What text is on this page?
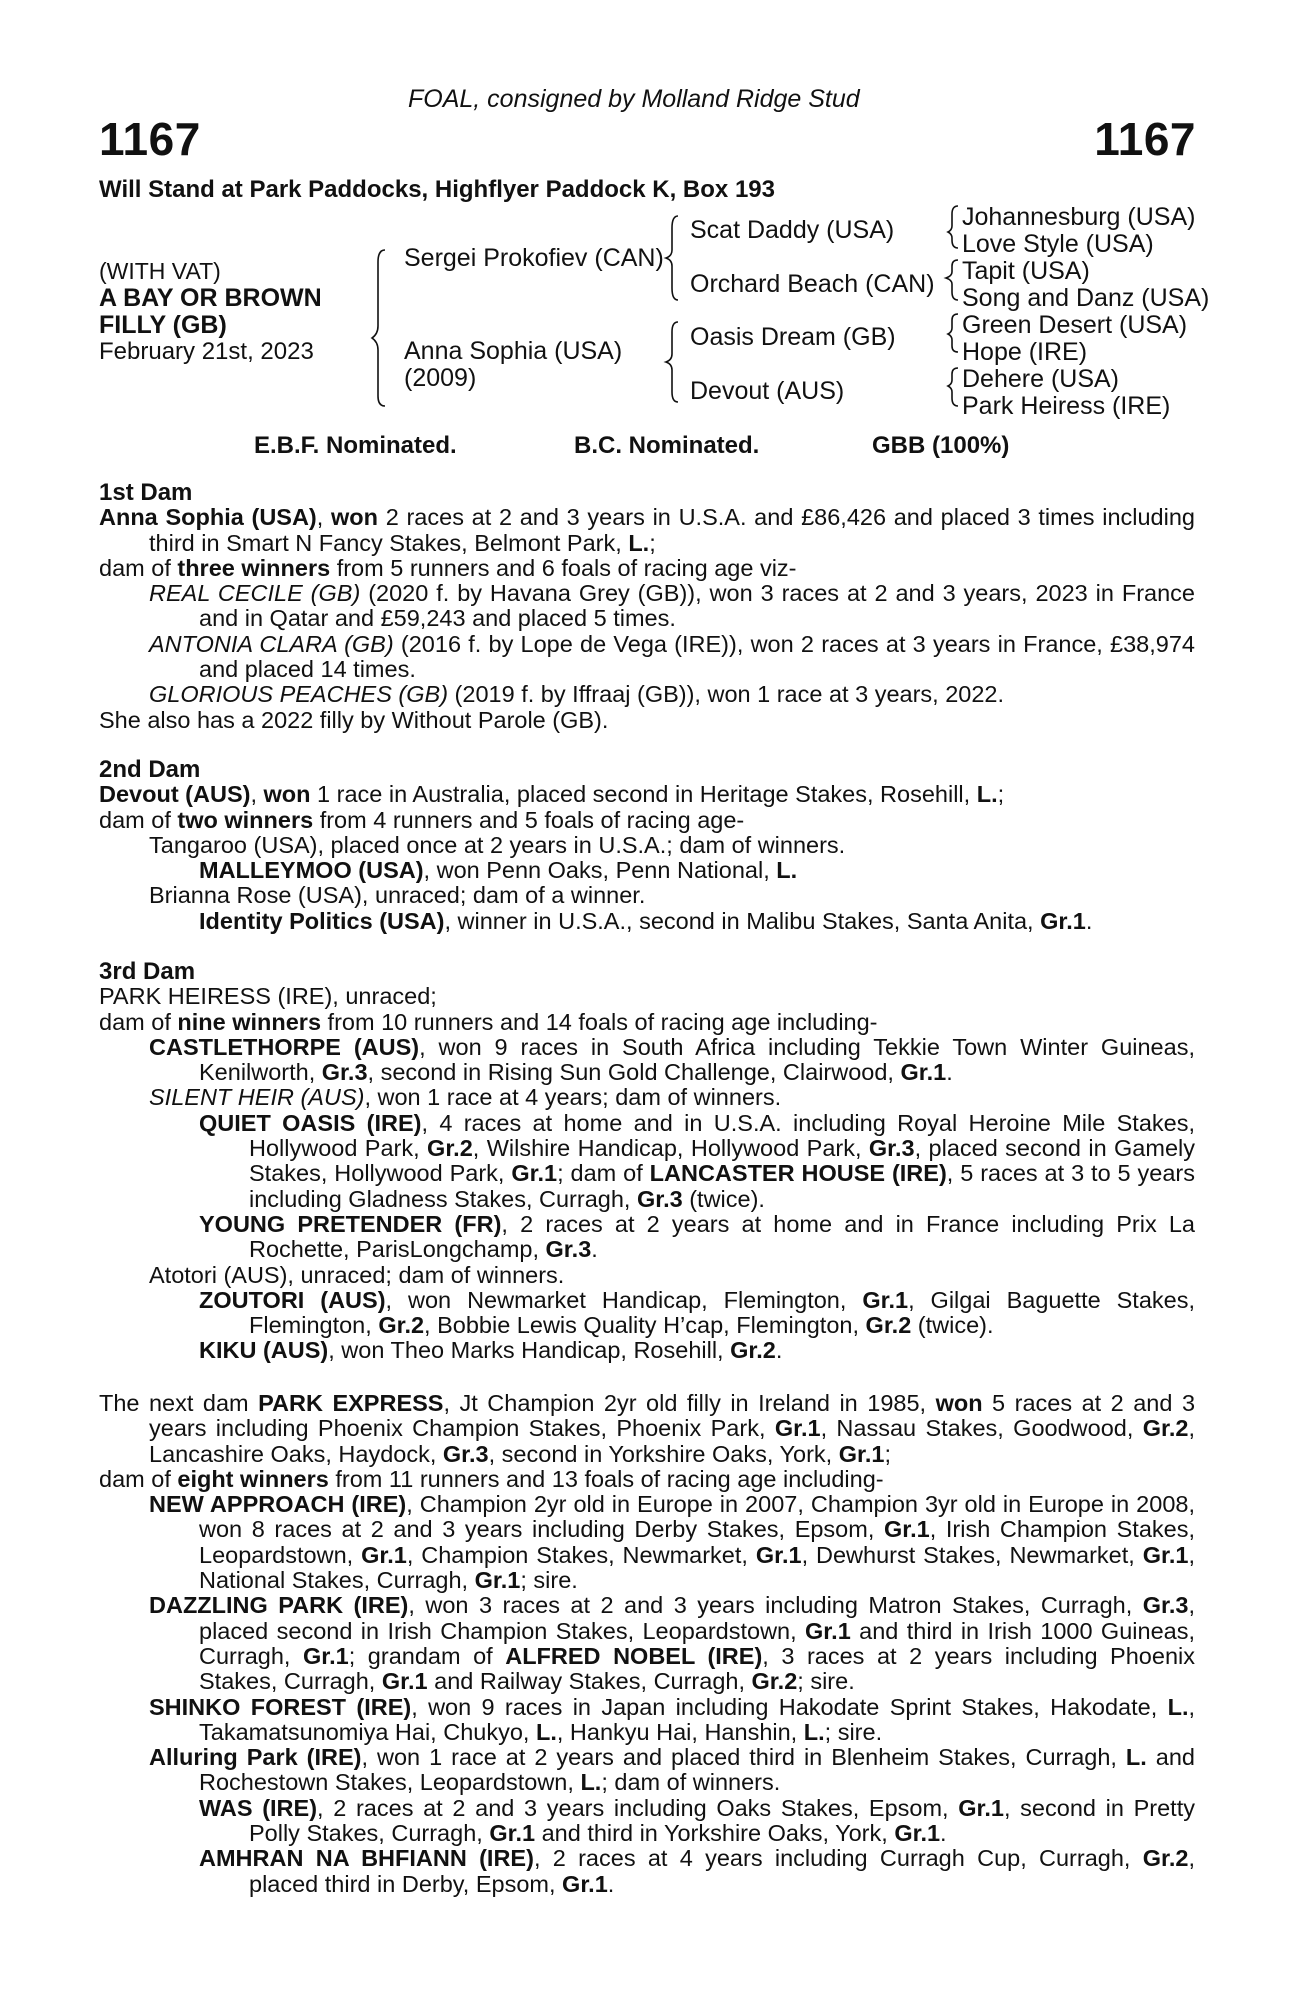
FOAL, consigned by Molland Ridge Stud
1167	1167
Will Stand at Park Paddocks, Highflyer Paddock K, Box 193
(WITH VAT)
A BAY OR BROWN
FILLY (GB)
February 21st, 2023
Sergei Prokofiev (CAN)
Anna Sophia (USA)
(2009)
Scat Daddy (USA)
Orchard Beach (CAN)
Oasis Dream (GB)
Devout (AUS)
Johannesburg (USA)
Love Style (USA)
Tapit (USA)
Song and Danz (USA)
Green Desert (USA)
Hope (IRE)
Dehere (USA)
Park Heiress (IRE)
E.B.F. Nominated.	B.C. Nominated.	GBB (100%)

1st Dam

Anna Sophia (USA), won 2 races at 2 and 3 years in U.S.A. and £86,426 and placed 3 times including third in Smart N Fancy Stakes, Belmont Park, L.;

dam of three winners from 5 runners and 6 foals of racing age viz-

REAL CECILE (GB) (2020 f. by Havana Grey (GB)), won 3 races at 2 and 3 years, 2023 in France and in Qatar and £59,243 and placed 5 times.

ANTONIA CLARA (GB) (2016 f. by Lope de Vega (IRE)), won 2 races at 3 years in France, £38,974 and placed 14 times.

GLORIOUS PEACHES (GB) (2019 f. by Iffraaj (GB)), won 1 race at 3 years, 2022.

She also has a 2022 filly by Without Parole (GB).

2nd Dam

Devout (AUS), won 1 race in Australia, placed second in Heritage Stakes, Rosehill, L.;

dam of two winners from 4 runners and 5 foals of racing age-

Tangaroo (USA), placed once at 2 years in U.S.A.; dam of winners.

MALLEYMOO (USA), won Penn Oaks, Penn National, L.

Brianna Rose (USA), unraced; dam of a winner.

Identity Politics (USA), winner in U.S.A., second in Malibu Stakes, Santa Anita, Gr.1.

3rd Dam

PARK HEIRESS (IRE), unraced;

dam of nine winners from 10 runners and 14 foals of racing age including-

CASTLETHORPE (AUS), won 9 races in South Africa including Tekkie Town Winter Guineas, Kenilworth, Gr.3, second in Rising Sun Gold Challenge, Clairwood, Gr.1.

SILENT HEIR (AUS), won 1 race at 4 years; dam of winners.

QUIET OASIS (IRE), 4 races at home and in U.S.A. including Royal Heroine Mile Stakes, Hollywood Park, Gr.2, Wilshire Handicap, Hollywood Park, Gr.3, placed second in Gamely Stakes, Hollywood Park, Gr.1; dam of LANCASTER HOUSE (IRE), 5 races at 3 to 5 years including Gladness Stakes, Curragh, Gr.3 (twice).

YOUNG PRETENDER (FR), 2 races at 2 years at home and in France including Prix La Rochette, ParisLongchamp, Gr.3.

Atotori (AUS), unraced; dam of winners.

ZOUTORI (AUS), won Newmarket Handicap, Flemington, Gr.1, Gilgai Baguette Stakes, Flemington, Gr.2, Bobbie Lewis Quality H’cap, Flemington, Gr.2 (twice).

KIKU (AUS), won Theo Marks Handicap, Rosehill, Gr.2.

The next dam PARK EXPRESS, Jt Champion 2yr old filly in Ireland in 1985, won 5 races at 2 and 3 years including Phoenix Champion Stakes, Phoenix Park, Gr.1, Nassau Stakes, Goodwood, Gr.2, Lancashire Oaks, Haydock, Gr.3, second in Yorkshire Oaks, York, Gr.1;

dam of eight winners from 11 runners and 13 foals of racing age including-

NEW APPROACH (IRE), Champion 2yr old in Europe in 2007, Champion 3yr old in Europe in 2008, won 8 races at 2 and 3 years including Derby Stakes, Epsom, Gr.1, Irish Champion Stakes, Leopardstown, Gr.1, Champion Stakes, Newmarket, Gr.1, Dewhurst Stakes, Newmarket, Gr.1, National Stakes, Curragh, Gr.1; sire.

DAZZLING PARK (IRE), won 3 races at 2 and 3 years including Matron Stakes, Curragh, Gr.3, placed second in Irish Champion Stakes, Leopardstown, Gr.1 and third in Irish 1000 Guineas, Curragh, Gr.1; grandam of ALFRED NOBEL (IRE), 3 races at 2 years including Phoenix Stakes, Curragh, Gr.1 and Railway Stakes, Curragh, Gr.2; sire.

SHINKO FOREST (IRE), won 9 races in Japan including Hakodate Sprint Stakes, Hakodate, L., Takamatsunomiya Hai, Chukyo, L., Hankyu Hai, Hanshin, L.; sire.

Alluring Park (IRE), won 1 race at 2 years and placed third in Blenheim Stakes, Curragh, L. and Rochestown Stakes, Leopardstown, L.; dam of winners.

WAS (IRE), 2 races at 2 and 3 years including Oaks Stakes, Epsom, Gr.1, second in Pretty Polly Stakes, Curragh, Gr.1 and third in Yorkshire Oaks, York, Gr.1.

AMHRAN NA BHFIANN (IRE), 2 races at 4 years including Curragh Cup, Curragh, Gr.2, placed third in Derby, Epsom, Gr.1.
